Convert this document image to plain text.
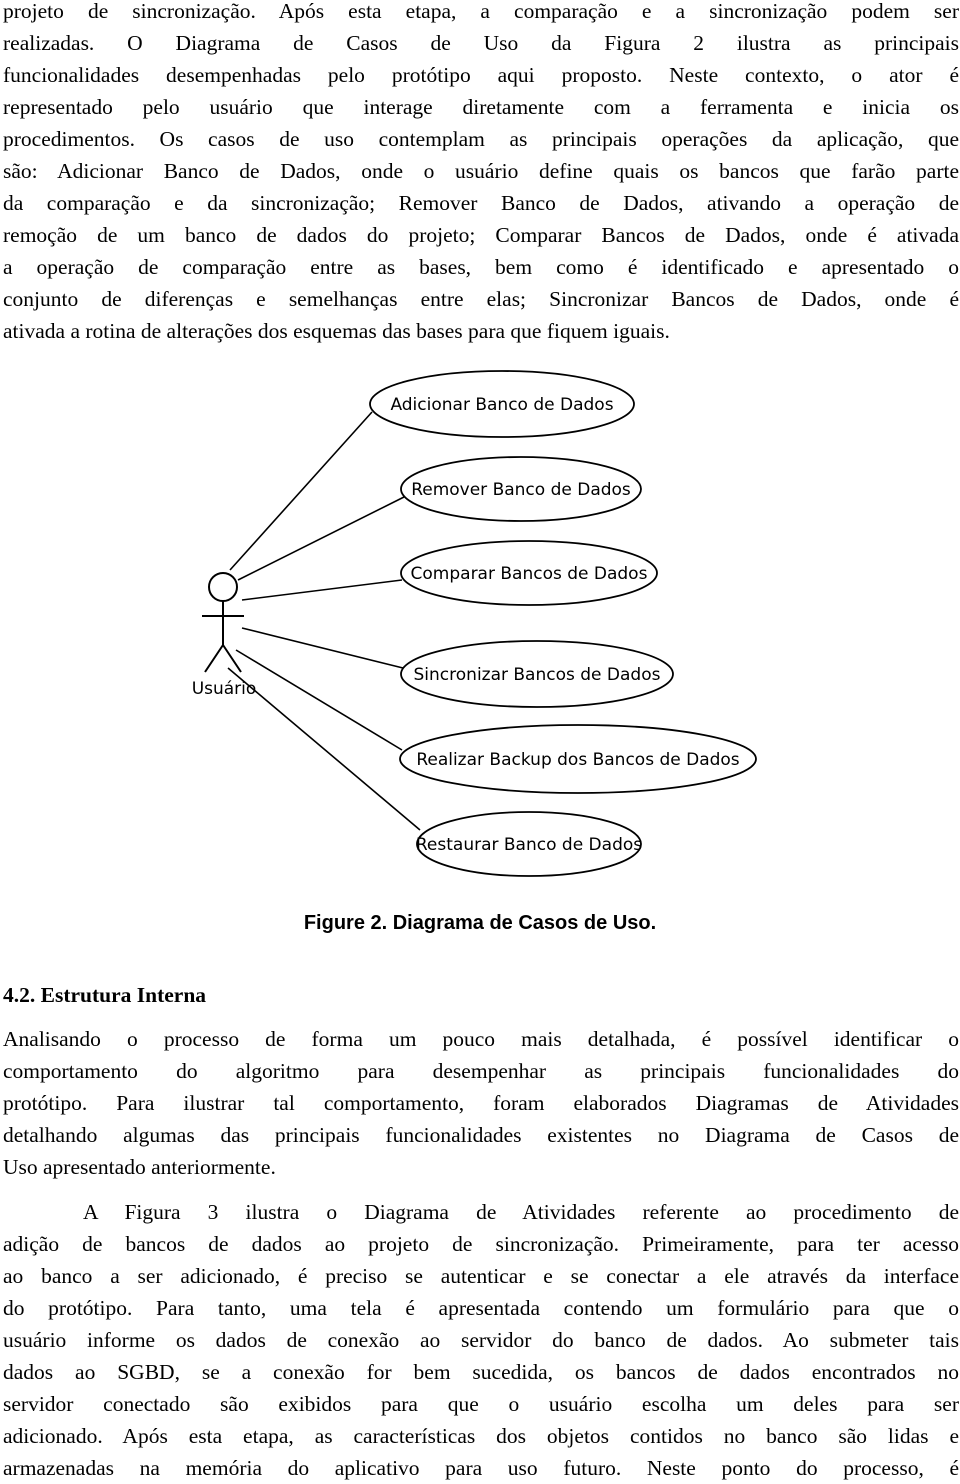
projeto de sincronização. Após esta etapa, a comparação e a sincronização podem ser
realizadas. O Diagrama de Casos de Uso da Figura 2 ilustra as principais
funcionalidades desempenhadas pelo protótipo aqui proposto. Neste contexto, o ator é
representado pelo usuário que interage diretamente com a ferramenta e inicia os
procedimentos. Os casos de uso contemplam as principais operações da aplicação, que
são: Adicionar Banco de Dados, onde o usuário define quais os bancos que farão parte
da comparação e da sincronização; Remover Banco de Dados, ativando a operação de
remoção de um banco de dados do projeto; Comparar Bancos de Dados, onde é ativada
a operação de comparação entre as bases, bem como é identificado e apresentado o
conjunto de diferenças e semelhanças entre elas; Sincronizar Bancos de Dados, onde é
ativada a rotina de alterações dos esquemas das bases para que fiquem iguais.
Usuário
Adicionar Banco de Dados
Remover Banco de Dados
Comparar Bancos de Dados
Sincronizar Bancos de Dados
Realizar Backup dos Bancos de Dados
Restaurar Banco de Dados
Figure 2. Diagrama de Casos de Uso.
4.2. Estrutura Interna
Analisando o processo de forma um pouco mais detalhada, é possível identificar o
comportamento do algoritmo para desempenhar as principais funcionalidades do
protótipo. Para ilustrar tal comportamento, foram elaborados Diagramas de Atividades
detalhando algumas das principais funcionalidades existentes no Diagrama de Casos de
Uso apresentado anteriormente.
A Figura 3 ilustra o Diagrama de Atividades referente ao procedimento de
adição de bancos de dados ao projeto de sincronização. Primeiramente, para ter acesso
ao banco a ser adicionado, é preciso se autenticar e se conectar a ele através da interface
do protótipo. Para tanto, uma tela é apresentada contendo um formulário para que o
usuário informe os dados de conexão ao servidor do banco de dados. Ao submeter tais
dados ao SGBD, se a conexão for bem sucedida, os bancos de dados encontrados no
servidor conectado são exibidos para que o usuário escolha um deles para ser
adicionado. Após esta etapa, as características dos objetos contidos no banco são lidas e
armazenadas na memória do aplicativo para uso futuro. Neste ponto do processo, é
